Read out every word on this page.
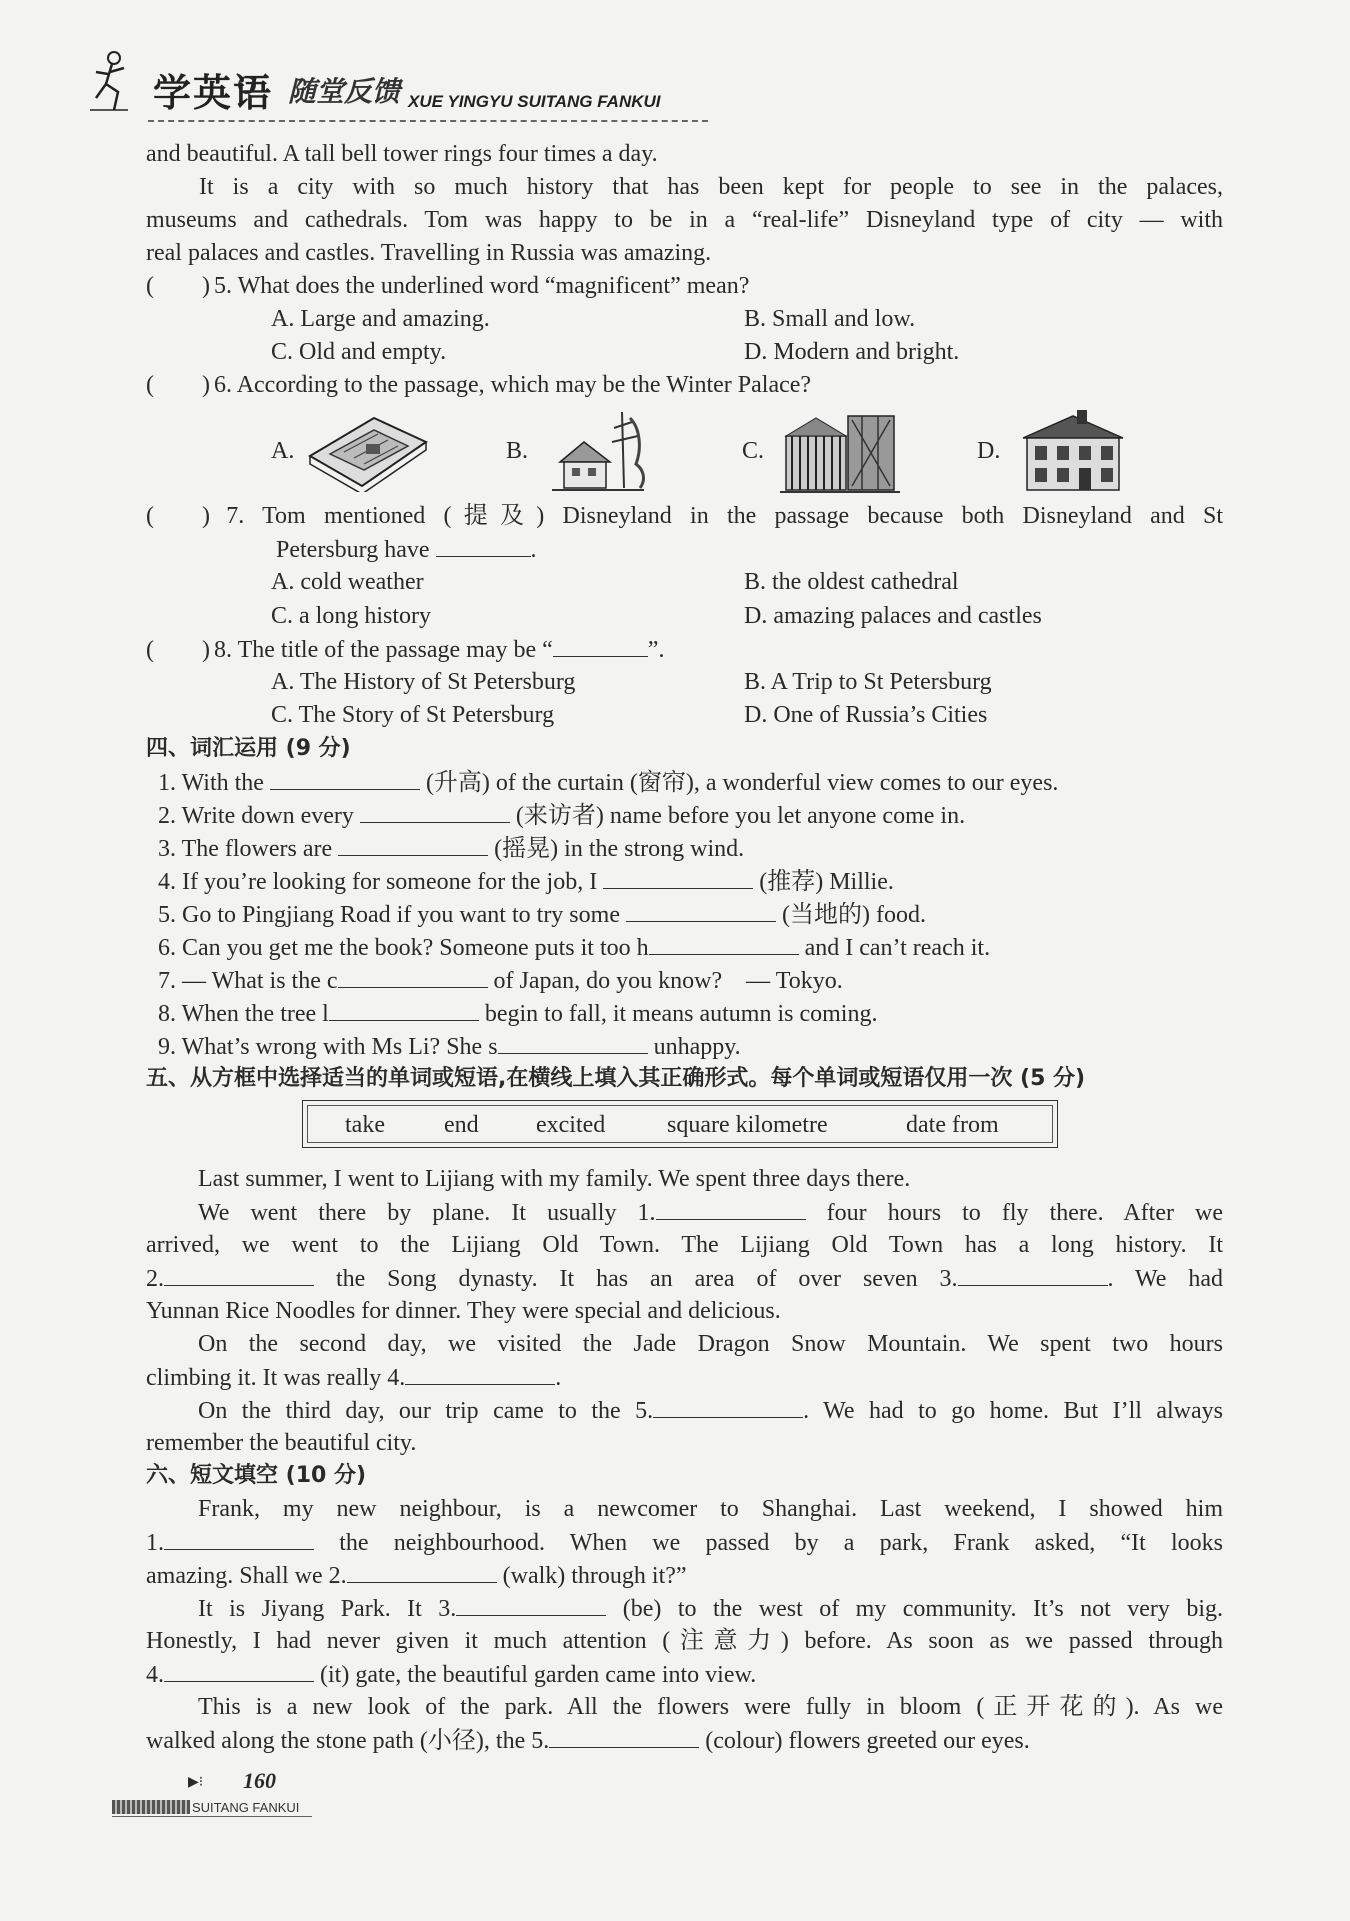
学英语 随堂反馈 XUE YINGYU SUITANG FANKUI
and beautiful. A tall bell tower rings four times a day.
It is a city with so much history that has been kept for people to see in the palaces,
museums and cathedrals. Tom was happy to be in a “real-life” Disneyland type of city — with
real palaces and castles. Travelling in Russia was amazing.
(　　) 5. What does the underlined word “magnificent” mean?
A. Large and amazing.	B. Small and low.
C. Old and empty.	D. Modern and bright.
(　　) 6. According to the passage, which may be the Winter Palace?
A.	B.	C.	D.
(　　) 7. Tom mentioned (提及) Disneyland in the passage because both Disneyland and St
Petersburg have	.
A. cold weather	B. the oldest cathedral
C. a long history	D. amazing palaces and castles
(　　) 8. The title of the passage may be “	”.
A. The History of St Petersburg	B. A Trip to St Petersburg
C. The Story of St Petersburg	D. One of Russia’s Cities
四、词汇运用 (9 分)
1. With the	(升高) of the curtain (窗帘), a wonderful view comes to our eyes.
2. Write down every	(来访者) name before you let anyone come in.
3. The flowers are	(摇晃) in the strong wind.
4. If you’re looking for someone for the job, I	(推荐) Millie.
5. Go to Pingjiang Road if you want to try some	(当地的) food.
6. Can you get me the book? Someone puts it too h	and I can’t reach it.
7. — What is the c	of Japan, do you know?　— Tokyo.
8. When the tree l	begin to fall, it means autumn is coming.
9. What’s wrong with Ms Li? She s	unhappy.
五、从方框中选择适当的单词或短语,在横线上填入其正确形式。每个单词或短语仅用一次 (5 分)
take end excited	square kilometre	date from
Last summer, I went to Lijiang with my family. We spent three days there.
We went there by plane. It usually 1.	four hours to fly there. After we
arrived, we went to the Lijiang Old Town. The Lijiang Old Town has a long history. It
2.	the Song dynasty. It has an area of over seven 3.	. We had
Yunnan Rice Noodles for dinner. They were special and delicious.
On the second day, we visited the Jade Dragon Snow Mountain. We spent two hours
climbing it. It was really 4.	.
On the third day, our trip came to the 5.	. We had to go home. But I’ll always
remember the beautiful city.
六、短文填空 (10 分)
Frank, my new neighbour, is a newcomer to Shanghai. Last weekend, I showed him
1.	the neighbourhood. When we passed by a park, Frank asked, “It looks
amazing. Shall we 2.	(walk) through it?”
It is Jiyang Park. It 3.	(be) to the west of my community. It’s not very big.
Honestly, I had never given it much attention (注意力) before. As soon as we passed through
4.	(it) gate, the beautiful garden came into view.
This is a new look of the park. All the flowers were fully in bloom (正开花的). As we
walked along the stone path (小径), the 5.	(colour) flowers greeted our eyes.
▶⁝ 160
SUITANG FANKUI
